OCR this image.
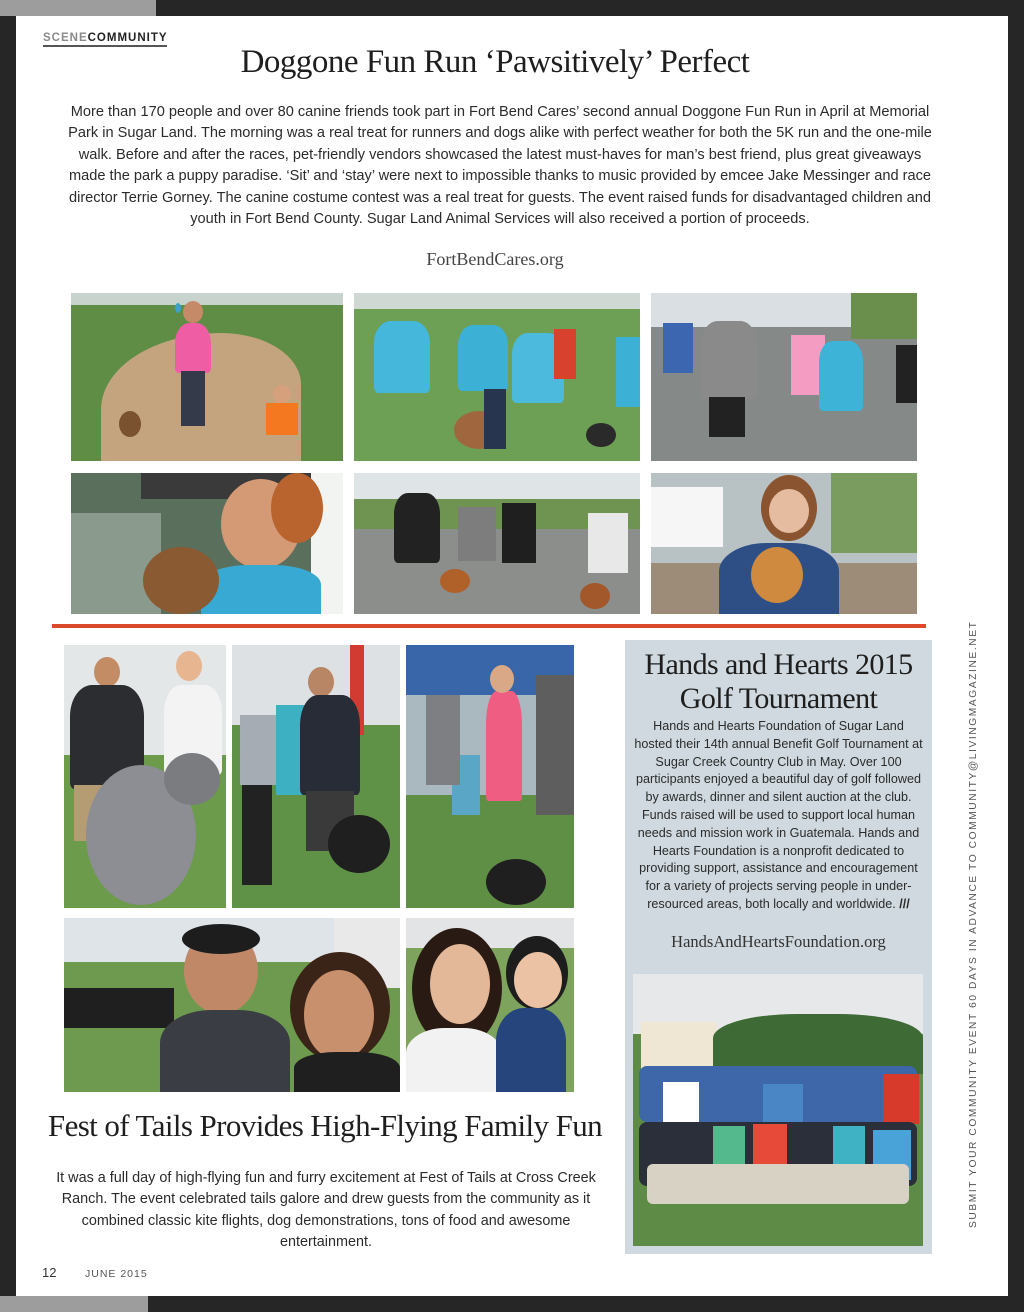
SCENECOMMUNITY
Doggone Fun Run ‘Pawsitively’ Perfect

More than 170 people and over 80 canine friends took part in Fort Bend Cares’ second annual Doggone Fun Run in April at Memorial Park in Sugar Land. The morning was a real treat for runners and dogs alike with perfect weather for both the 5K run and the one-mile walk. Before and after the races, pet-friendly vendors showcased the latest must-haves for man’s best friend, plus great giveaways made the park a puppy paradise. ‘Sit’ and ‘stay’ were next to impossible thanks to music provided by emcee Jake Messinger and race director Terrie Gorney. The canine costume contest was a real treat for guests. The event raised funds for disadvantaged children and youth in Fort Bend County. Sugar Land Animal Services will also received a portion of proceeds.

FortBendCares.org
Fest of Tails Provides High-Flying Family Fun

It was a full day of high-flying fun and furry excitement at Fest of Tails at Cross Creek Ranch. The event celebrated tails galore and drew guests from the community as it combined classic kite flights, dog demonstrations, tons of food and awesome entertainment.

Hands and Hearts 2015
Golf Tournament

Hands and Hearts Foundation of Sugar Land hosted their 14th annual Benefit Golf Tournament at Sugar Creek Country Club in May. Over 100 participants enjoyed a beautiful day of golf followed by awards, dinner and silent auction at the club. Funds raised will be used to support local human needs and mission work in Guatemala. Hands and Hearts Foundation is a nonprofit dedicated to providing support, assistance and encouragement for a variety of projects serving people in under-resourced areas, both locally and worldwide. ///

HandsAndHeartsFoundation.org	SUBMIT YOUR COMMUNITY EVENT 60 DAYS IN ADVANCE TO COMMUNITY@LIVINGMAGAZINE.NET
12	JUNE 2015
